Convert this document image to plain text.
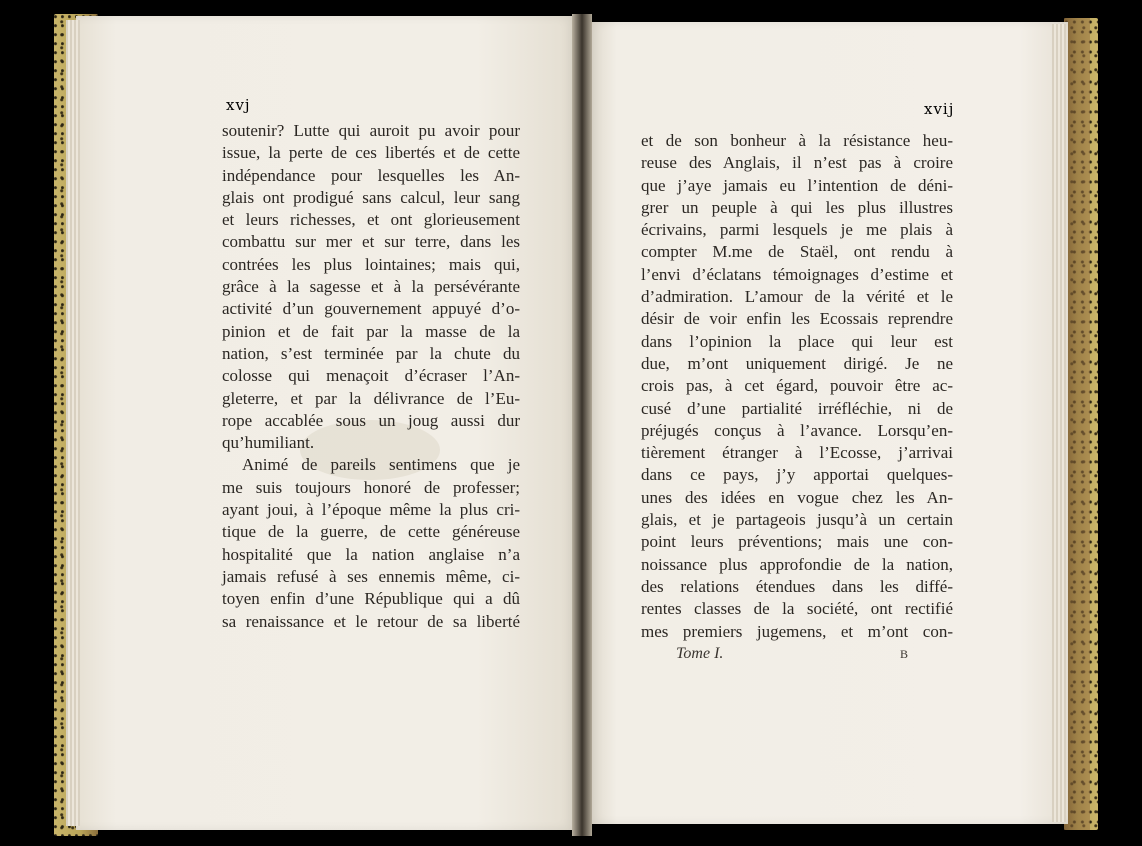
xvj	xvij
soutenir? Lutte qui auroit pu avoir pour
issue, la perte de ces libertés et de cette
indépendance pour lesquelles les An-
glais ont prodigué sans calcul, leur sang
et leurs richesses, et ont glorieusement
combattu sur mer et sur terre, dans les
contrées les plus lointaines; mais qui,
grâce à la sagesse et à la persévérante
activité d’un gouvernement appuyé d’o-
pinion et de fait par la masse de la
nation, s’est terminée par la chute du
colosse qui menaçoit d’écraser l’An-
gleterre, et par la délivrance de l’Eu-
rope accablée sous un joug aussi dur
qu’humiliant.
Animé de pareils sentimens que je
me suis toujours honoré de professer;
ayant joui, à l’époque même la plus cri-
tique de la guerre, de cette généreuse
hospitalité que la nation anglaise n’a
jamais refusé à ses ennemis même, ci-
toyen enfin d’une République qui a dû
sa renaissance et le retour de sa liberté
et de son bonheur à la résistance heu-
reuse des Anglais, il n’est pas à croire
que j’aye jamais eu l’intention de déni-
grer un peuple à qui les plus illustres
écrivains, parmi lesquels je me plais à
compter M.me de Staël, ont rendu à
l’envi d’éclatans témoignages d’estime et
d’admiration. L’amour de la vérité et le
désir de voir enfin les Ecossais reprendre
dans l’opinion la place qui leur est
due, m’ont uniquement dirigé. Je ne
crois pas, à cet égard, pouvoir être ac-
cusé d’une partialité irréfléchie, ni de
préjugés conçus à l’avance. Lorsqu’en-
tièrement étranger à l’Ecosse, j’arrivai
dans ce pays, j’y apportai quelques-
unes des idées en vogue chez les An-
glais, et je partageois jusqu’à un certain
point leurs préventions; mais une con-
noissance plus approfondie de la nation,
des relations étendues dans les diffé-
rentes classes de la société, ont rectifié
mes premiers jugemens, et m’ont con-
Tome I.	B
